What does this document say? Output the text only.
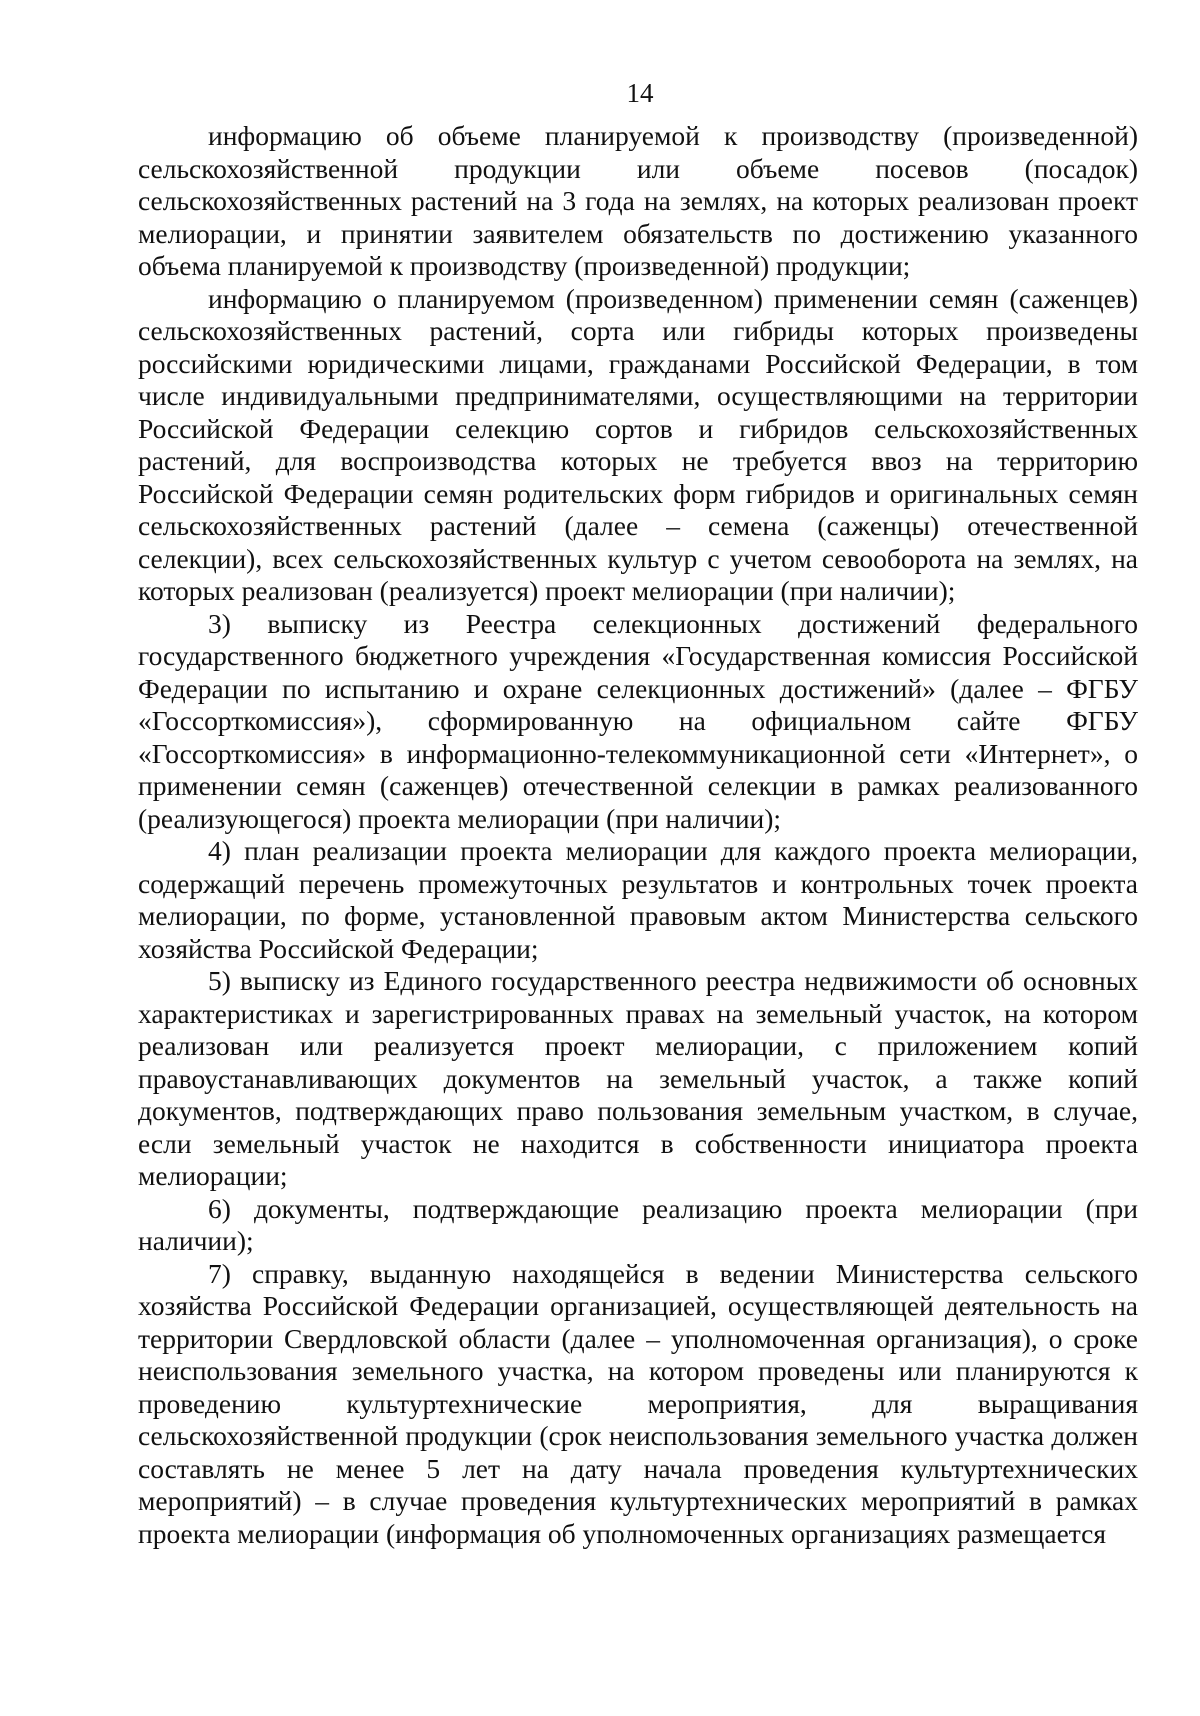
14

информацию об объеме планируемой к производству (произведенной) сельскохозяйственной продукции или объеме посевов (посадок) сельскохозяйственных растений на 3 года на землях, на которых реализован проект мелиорации, и принятии заявителем обязательств по достижению указанного объема планируемой к производству (произведенной) продукции;

информацию о планируемом (произведенном) применении семян (саженцев) сельскохозяйственных растений, сорта или гибриды которых произведены российскими юридическими лицами, гражданами Российской Федерации, в том числе индивидуальными предпринимателями, осуществляющими на территории Российской Федерации селекцию сортов и гибридов сельскохозяйственных растений, для воспроизводства которых не требуется ввоз на территорию Российской Федерации семян родительских форм гибридов и оригинальных семян сельскохозяйственных растений (далее – семена (саженцы) отечественной селекции), всех сельскохозяйственных культур с учетом севооборота на землях, на которых реализован (реализуется) проект мелиорации (при наличии);

3) выписку из Реестра селекционных достижений федерального государственного бюджетного учреждения «Государственная комиссия Российской Федерации по испытанию и охране селекционных достижений» (далее – ФГБУ «Госсорткомиссия»), сформированную на официальном сайте ФГБУ «Госсорткомиссия» в информационно-телекоммуникационной сети «Интернет», о применении семян (саженцев) отечественной селекции в рамках реализованного (реализующегося) проекта мелиорации (при наличии);

4) план реализации проекта мелиорации для каждого проекта мелиорации, содержащий перечень промежуточных результатов и контрольных точек проекта мелиорации, по форме, установленной правовым актом Министерства сельского хозяйства Российской Федерации;

5) выписку из Единого государственного реестра недвижимости об основных характеристиках и зарегистрированных правах на земельный участок, на котором реализован или реализуется проект мелиорации, с приложением копий правоустанавливающих документов на земельный участок, а также копий документов, подтверждающих право пользования земельным участком, в случае, если земельный участок не находится в собственности инициатора проекта мелиорации;

6) документы, подтверждающие реализацию проекта мелиорации (при наличии);

7) справку, выданную находящейся в ведении Министерства сельского хозяйства Российской Федерации организацией, осуществляющей деятельность на территории Свердловской области (далее – уполномоченная организация), о сроке неиспользования земельного участка, на котором проведены или планируются к проведению культуртехнические мероприятия, для выращивания сельскохозяйственной продукции (срок неиспользования земельного участка должен составлять не менее 5 лет на дату начала проведения культуртехнических мероприятий) – в случае проведения культуртехнических мероприятий в рамках проекта мелиорации (информация об уполномоченных организациях размещается
